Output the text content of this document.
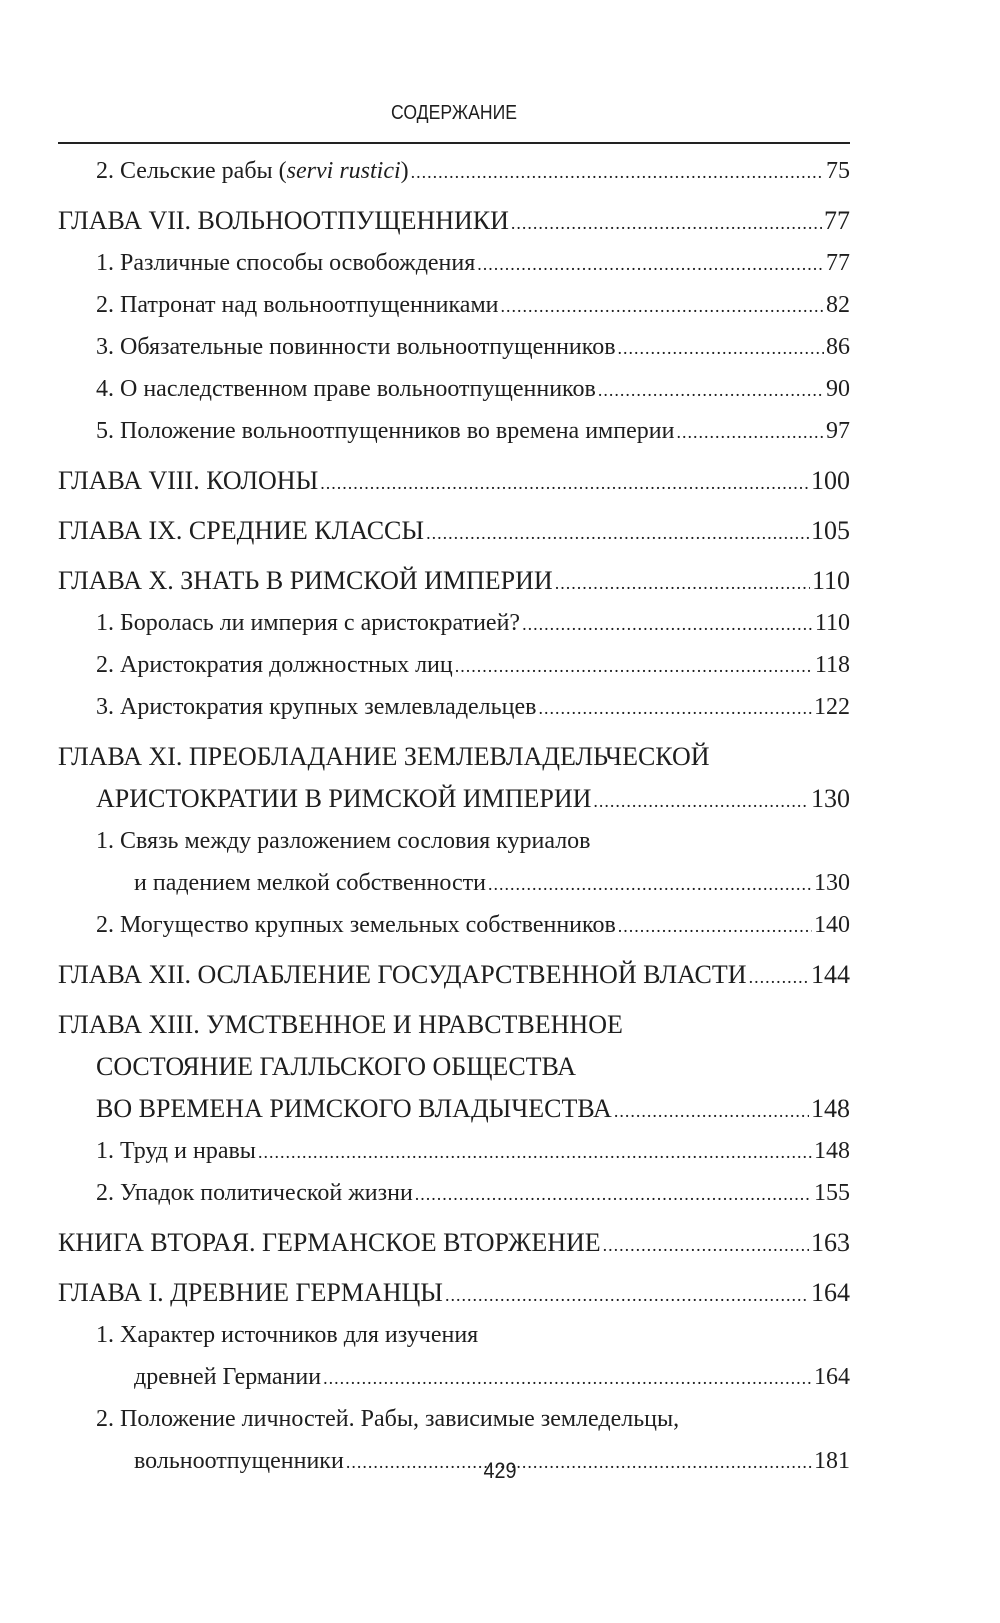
СОДЕРЖАНИЕ
2. Сельские рабы (servi rustici) .....	75
ГЛАВА VII. ВОЛЬНООТПУЩЕННИКИ .....	77
1. Различные способы освобождения .....	77
2. Патронат над вольноотпущенниками .....	82
3. Обязательные повинности вольноотпущенников .....	86
4. О наследственном праве вольноотпущенников .....	90
5. Положение вольноотпущенников во времена империи .....	97
ГЛАВА VIII. КОЛОНЫ .....	100
ГЛАВА IX. СРЕДНИЕ КЛАССЫ .....	105
ГЛАВА X. ЗНАТЬ В РИМСКОЙ ИМПЕРИИ .....	110
1. Боролась ли империя с аристократией? .....	110
2. Аристократия должностных лиц .....	118
3. Аристократия крупных землевладельцев .....	122
ГЛАВА XI. ПРЕОБЛАДАНИЕ ЗЕМЛЕВЛАДЕЛЬЧЕСКОЙ
АРИСТОКРАТИИ В РИМСКОЙ ИМПЕРИИ .....	130
1. Связь между разложением сословия куриалов
и падением мелкой собственности .....	130
2. Могущество крупных земельных собственников .....	140
ГЛАВА XII. ОСЛАБЛЕНИЕ ГОСУДАРСТВЕННОЙ ВЛАСТИ ..... 144
ГЛАВА XIII. УМСТВЕННОЕ И НРАВСТВЕННОЕ
СОСТОЯНИЕ ГАЛЛЬСКОГО ОБЩЕСТВА
ВО ВРЕМЕНА РИМСКОГО ВЛАДЫЧЕСТВА .....	148
1. Труд и нравы .....	148
2. Упадок политической жизни .....	155
КНИГА ВТОРАЯ. ГЕРМАНСКОЕ ВТОРЖЕНИЕ .....	163
ГЛАВА I. ДРЕВНИЕ ГЕРМАНЦЫ .....	164
1. Характер источников для изучения
древней Германии .....	164
2. Положение личностей. Рабы, зависимые земледельцы,
вольноотпущенники .....	181
429
